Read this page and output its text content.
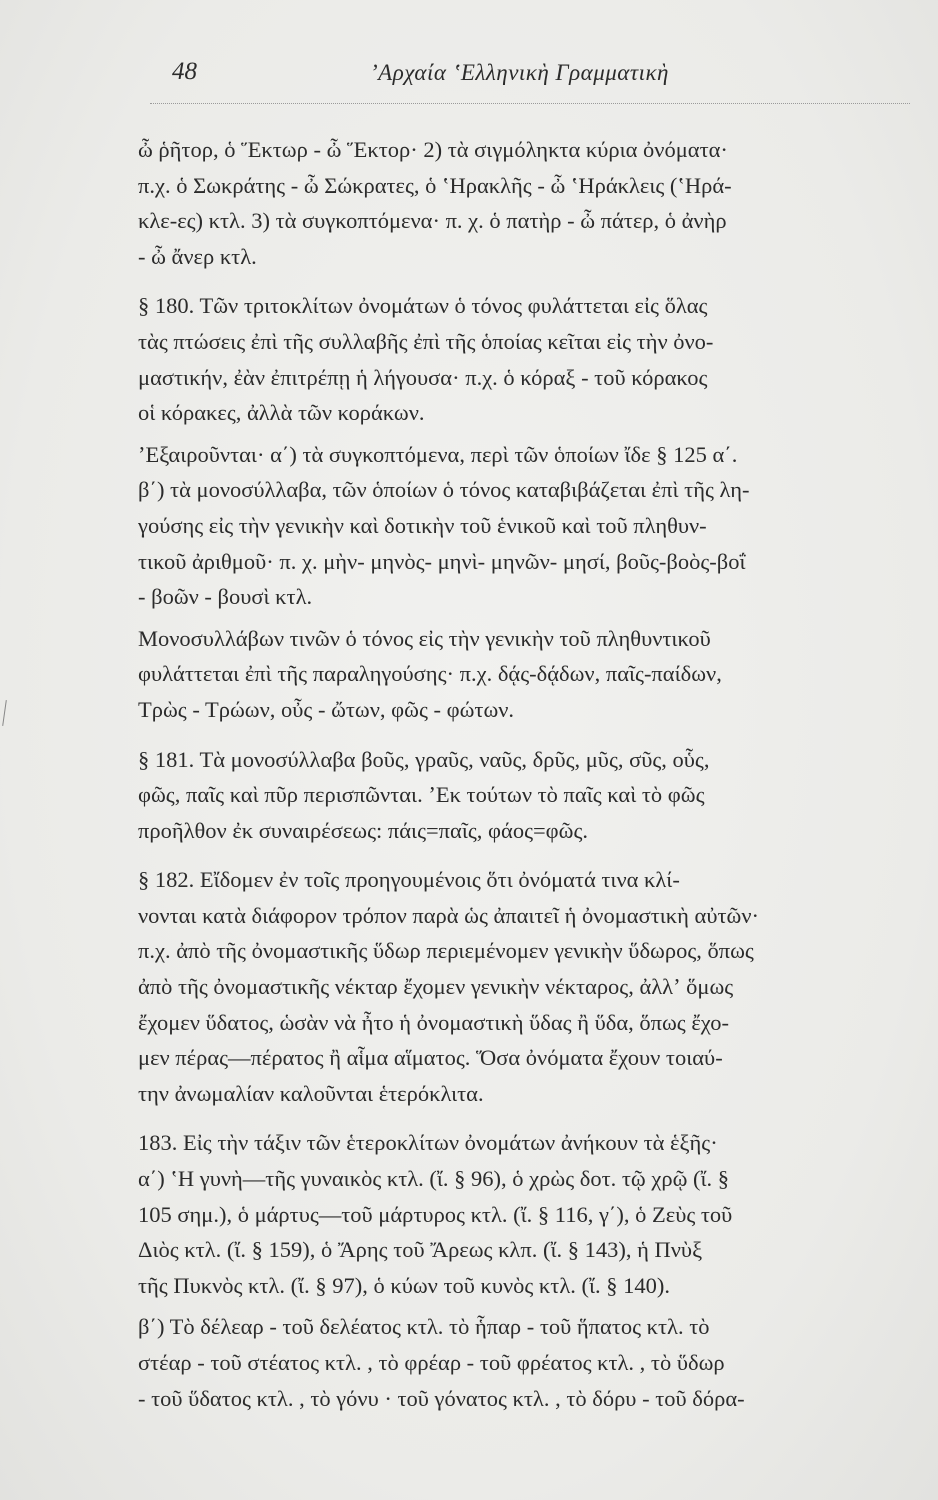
48	ʼΑρχαία ʽΕλληνικὴ Γραμματικὴ
ὦ ῥῆτορ, ὁ Ἕκτωρ - ὦ Ἕκτορ· 2) τὰ σιγμόληκτα κύρια ὀνόματα·
π.χ. ὁ Σωκράτης - ὦ Σώκρατες, ὁ ʽΗρακλῆς - ὦ ʽΗράκλεις (ʽΗρά-
κλε-ες) κτλ. 3) τὰ συγκοπτόμενα· π. χ. ὁ πατὴρ - ὦ πάτερ, ὁ ἀνὴρ
- ὦ ἄνερ κτλ.
§ 180. Τῶν τριτοκλίτων ὀνομάτων ὁ τόνος φυλάττεται εἰς ὅλας
τὰς πτώσεις ἐπὶ τῆς συλλαβῆς ἐπὶ τῆς ὁποίας κεῖται εἰς τὴν ὀνο-
μαστικήν, ἐὰν ἐπιτρέπῃ ἡ λήγουσα· π.χ. ὁ κόραξ - τοῦ κόρακος
οἱ κόρακες, ἀλλὰ τῶν κοράκων.
ʼΕξαιροῦνται· α΄) τὰ συγκοπτόμενα, περὶ τῶν ὁποίων ἴδε § 125 α΄.
β΄) τὰ μονοσύλλαβα, τῶν ὁποίων ὁ τόνος καταβιβάζεται ἐπὶ τῆς λη-
γούσης εἰς τὴν γενικὴν καὶ δοτικὴν τοῦ ἑνικοῦ καὶ τοῦ πληθυν-
τικοῦ ἀριθμοῦ· π. χ. μὴν- μηνὸς- μηνὶ- μηνῶν- μησί, βοῦς-βοὸς-βοΐ
- βοῶν - βουσὶ κτλ.
Μονοσυλλάβων τινῶν ὁ τόνος εἰς τὴν γενικὴν τοῦ πληθυντικοῦ
φυλάττεται ἐπὶ τῆς παραληγούσης· π.χ. δᾴς-δᾴδων, παῖς-παίδων,
Τρὼς - Τρώων, οὖς - ὤτων, φῶς - φώτων.
§ 181. Τὰ μονοσύλλαβα βοῦς, γραῦς, ναῦς, δρῦς, μῦς, σῦς, οὗς,
φῶς, παῖς καὶ πῦρ περισπῶνται. ʼΕκ τούτων τὸ παῖς καὶ τὸ φῶς
προῆλθον ἐκ συναιρέσεως: πάις=παῖς, φάος=φῶς.
§ 182. Εἴδομεν ἐν τοῖς προηγουμένοις ὅτι ὀνόματά τινα κλί-
νονται κατὰ διάφορον τρόπον παρὰ ὡς ἀπαιτεῖ ἡ ὀνομαστικὴ αὐτῶν·
π.χ. ἀπὸ τῆς ὀνομαστικῆς ὕδωρ περιεμένομεν γενικὴν ὕδωρος, ὅπως
ἀπὸ τῆς ὀνομαστικῆς νέκταρ ἔχομεν γενικὴν νέκταρος, ἀλλʼ ὅμως
ἔχομεν ὕδατος, ὡσὰν νὰ ἦτο ἡ ὀνομαστικὴ ὕδας ἢ ὕδα, ὅπως ἔχο-
μεν πέρας—πέρατος ἢ αἷμα αἵματος. Ὅσα ὀνόματα ἔχουν τοιαύ-
την ἀνωμαλίαν καλοῦνται ἑτερόκλιτα.
183. Εἰς τὴν τάξιν τῶν ἑτεροκλίτων ὀνομάτων ἀνήκουν τὰ ἑξῆς·
α΄) ʽΗ γυνὴ—τῆς γυναικὸς κτλ. (ἴ. § 96), ὁ χρὼς δοτ. τῷ χρῷ (ἴ. §
105 σημ.), ὁ μάρτυς—τοῦ μάρτυρος κτλ. (ἴ. § 116, γ΄), ὁ Ζεὺς τοῦ
Διὸς κτλ. (ἴ. § 159), ὁ Ἄρης τοῦ Ἄρεως κλπ. (ἴ. § 143), ἡ Πνὺξ
τῆς Πυκνὸς κτλ. (ἴ. § 97), ὁ κύων τοῦ κυνὸς κτλ. (ἴ. § 140).
β΄) Τὸ δέλεαρ - τοῦ δελέατος κτλ. τὸ ἧπαρ - τοῦ ἥπατος κτλ. τὸ
στέαρ - τοῦ στέατος κτλ. , τὸ φρέαρ - τοῦ φρέατος κτλ. , τὸ ὕδωρ
- τοῦ ὕδατος κτλ. , τὸ γόνυ · τοῦ γόνατος κτλ. , τὸ δόρυ - τοῦ δόρα-
